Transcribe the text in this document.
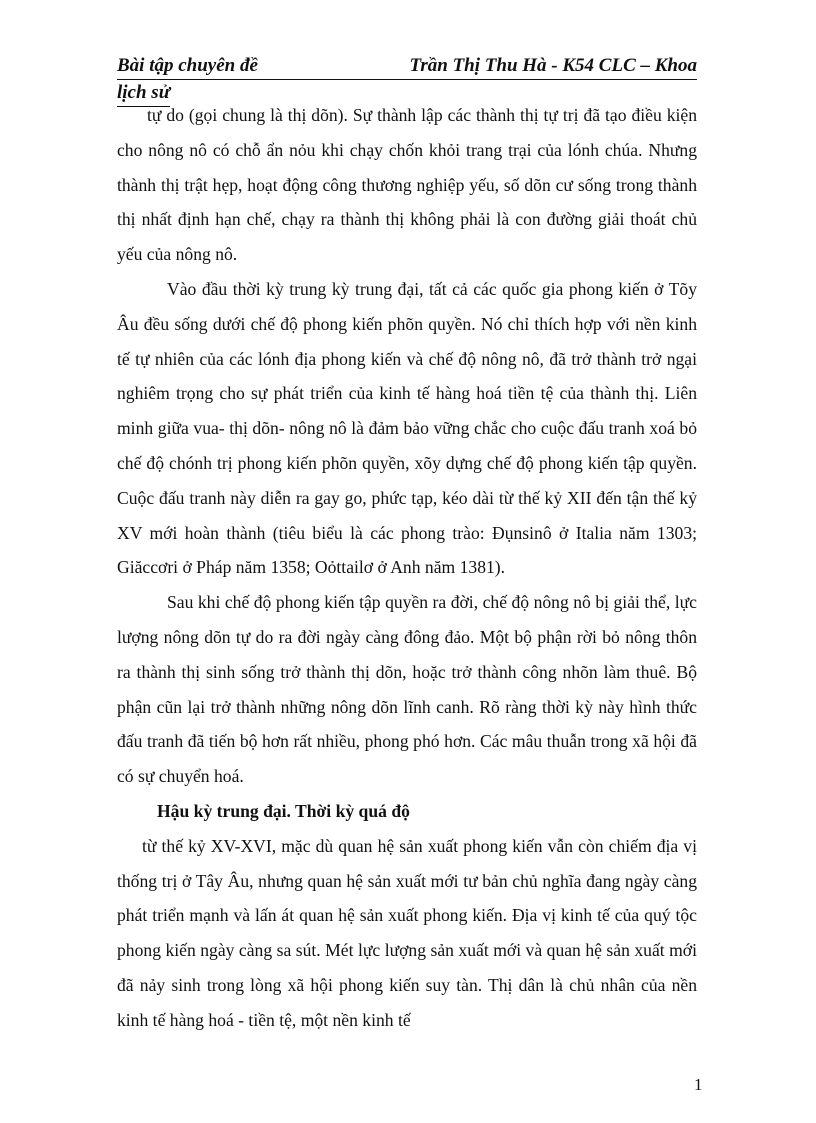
Bài tập chuyên đề	Trần Thị Thu Hà - K54 CLC – Khoa
lịch sử

tự do (gọi chung là thị dõn). Sự thành lập các thành thị tự trị đã tạo điều kiện cho nông nô có chỗ ẩn nỏu khi chạy chốn khỏi trang trại của lónh chúa. Nhưng thành thị trật hẹp, hoạt động công thương nghiệp yếu, số dõn cư sống trong thành thị nhất định hạn chế, chạy ra thành thị không phải là con đường giải thoát chủ yếu của nông nô.

Vào đầu thời kỳ trung kỳ trung đại, tất cả các quốc gia phong kiến ở Tõy Âu đều sống dưới chế độ phong kiến phõn quyền. Nó chỉ thích hợp với nền kinh tế tự nhiên của các lónh địa phong kiến và chế độ nông nô, đã trở thành trở ngại nghiêm trọng cho sự phát triển của kinh tế hàng hoá tiền tệ của thành thị. Liên minh giữa vua- thị dõn- nông nô là đảm bảo vững chắc cho cuộc đấu tranh xoá bỏ chế độ chónh trị phong kiến phõn quyền, xõy dựng chế độ phong kiến tập quyền. Cuộc đấu tranh này diễn ra gay go, phức tạp, kéo dài từ thế kỷ XII đến tận thế kỷ XV mới hoàn thành (tiêu biểu là các phong trào: Đụnsinô ở Italia năm 1303; Giăccơri ở Pháp năm 1358; Oỏttailơ ở Anh năm 1381).

Sau khi chế độ phong kiến tập quyền ra đời, chế độ nông nô bị giải thể, lực lượng nông dõn tự do ra đời ngày càng đông đảo. Một bộ phận rời bỏ nông thôn ra thành thị sinh sống trở thành thị dõn, hoặc trở thành công nhõn làm thuê. Bộ phận cũn lại trở thành những nông dõn lĩnh canh. Rõ ràng thời kỳ này hình thức đấu tranh đã tiến bộ hơn rất nhiều, phong phó hơn. Các mâu thuẫn trong xã hội đã có sự chuyển hoá.

Hậu kỳ trung đại. Thời kỳ quá độ

từ thế kỷ XV-XVI, mặc dù quan hệ sản xuất phong kiến vẫn còn chiếm địa vị thống trị ở Tây Âu, nhưng quan hệ sản xuất mới tư bản chủ nghĩa đang ngày càng phát triển mạnh và lấn át quan hệ sản xuất phong kiến. Địa vị kinh tế của quý tộc phong kiến ngày càng sa sút. Mét lực lượng sản xuất mới và quan hệ sản xuất mới đã nảy sinh trong lòng xã hội phong kiến suy tàn. Thị dân là chủ nhân của nền kinh tế hàng hoá - tiền tệ, một nền kinh tế

1
